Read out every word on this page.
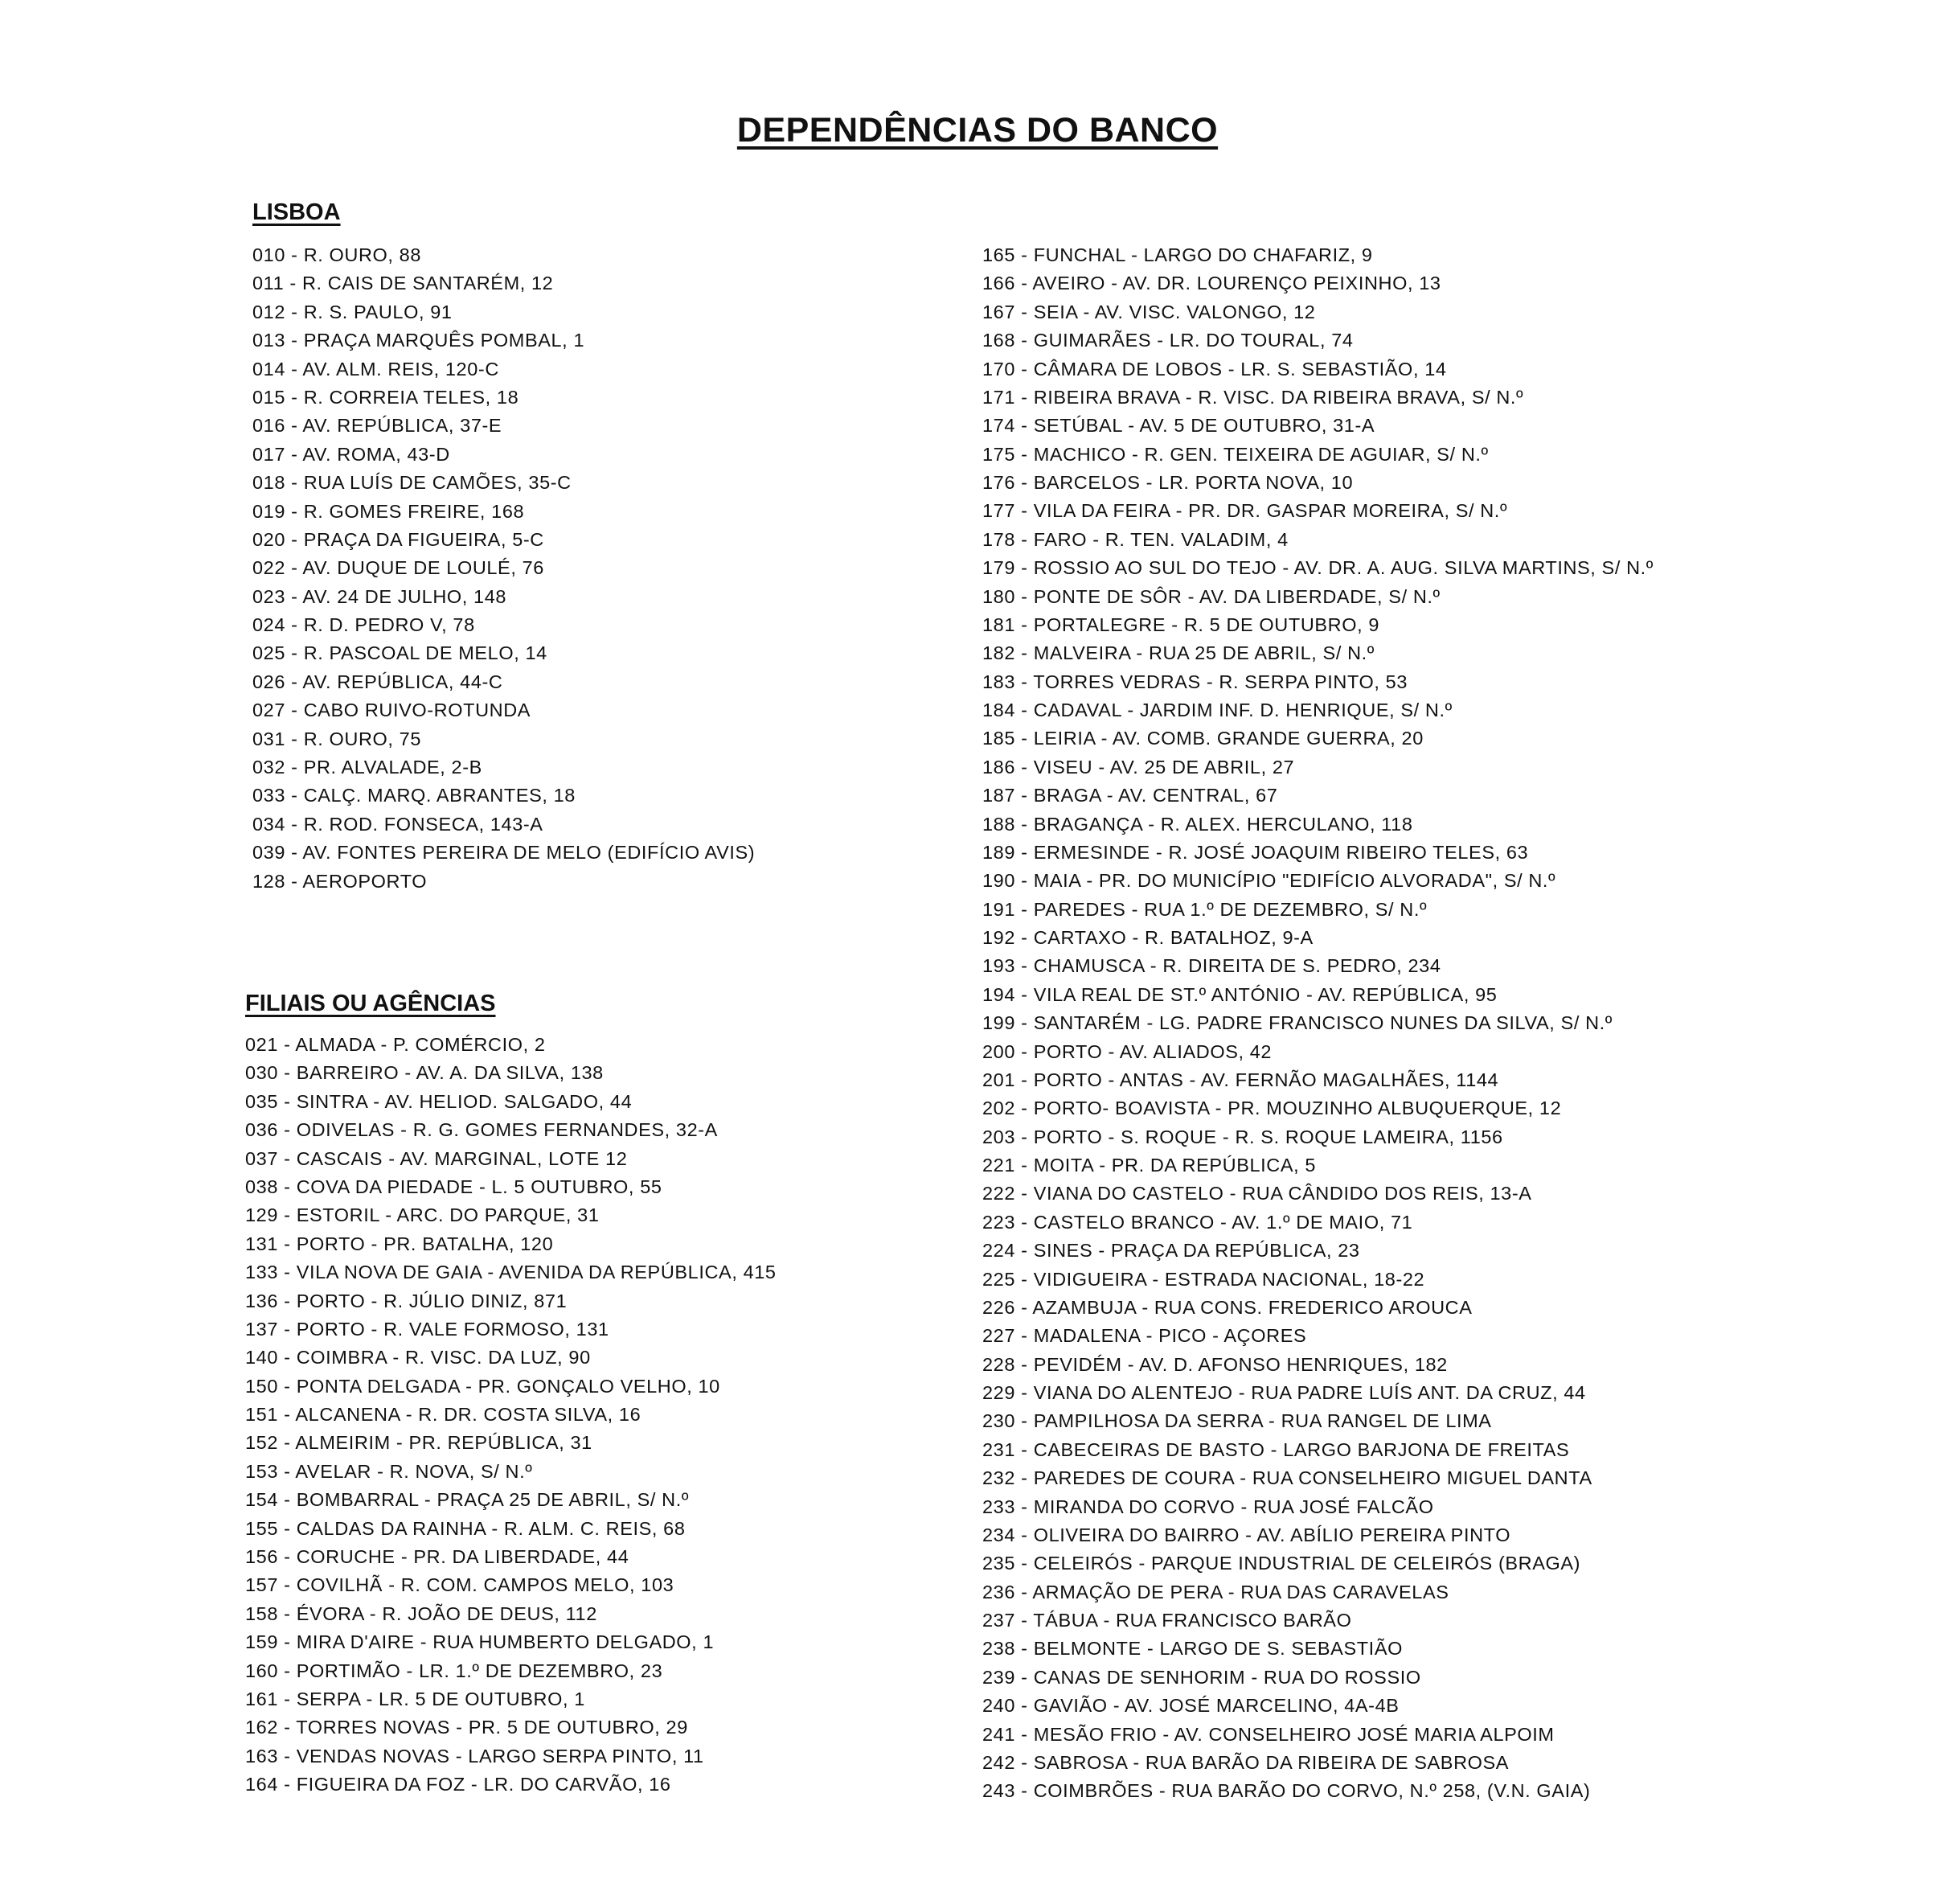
DEPENDÊNCIAS DO BANCO
LISBOA
010 - R. OURO, 88
011 - R. CAIS DE SANTARÉM, 12
012 - R. S. PAULO, 91
013 - PRAÇA MARQUÊS POMBAL, 1
014 - AV. ALM. REIS, 120-C
015 - R. CORREIA TELES, 18
016 - AV. REPÚBLICA, 37-E
017 - AV. ROMA, 43-D
018 - RUA LUÍS DE CAMÕES, 35-C
019 - R. GOMES FREIRE, 168
020 - PRAÇA DA FIGUEIRA, 5-C
022 - AV. DUQUE DE LOULÉ, 76
023 - AV. 24 DE JULHO, 148
024 - R. D. PEDRO V, 78
025 - R. PASCOAL DE MELO, 14
026 - AV. REPÚBLICA, 44-C
027 - CABO RUIVO-ROTUNDA
031 - R. OURO, 75
032 - PR. ALVALADE, 2-B
033 - CALÇ. MARQ. ABRANTES, 18
034 - R. ROD. FONSECA, 143-A
039 - AV. FONTES PEREIRA DE MELO (EDIFÍCIO AVIS)
128 - AEROPORTO
FILIAIS OU AGÊNCIAS
021 - ALMADA - P. COMÉRCIO, 2
030 - BARREIRO - AV. A. DA SILVA, 138
035 - SINTRA - AV. HELIOD. SALGADO, 44
036 - ODIVELAS - R. G. GOMES FERNANDES, 32-A
037 - CASCAIS - AV. MARGINAL, LOTE 12
038 - COVA DA PIEDADE - L. 5 OUTUBRO, 55
129 - ESTORIL - ARC. DO PARQUE, 31
131 - PORTO - PR. BATALHA, 120
133 - VILA NOVA DE GAIA - AVENIDA DA REPÚBLICA, 415
136 - PORTO - R. JÚLIO DINIZ, 871
137 - PORTO - R. VALE FORMOSO, 131
140 - COIMBRA - R. VISC. DA LUZ, 90
150 - PONTA DELGADA - PR. GONÇALO VELHO, 10
151 - ALCANENA - R. DR. COSTA SILVA, 16
152 - ALMEIRIM - PR. REPÚBLICA, 31
153 - AVELAR - R. NOVA, S/ N.º
154 - BOMBARRAL - PRAÇA 25 DE ABRIL, S/ N.º
155 - CALDAS DA RAINHA - R. ALM. C. REIS, 68
156 - CORUCHE - PR. DA LIBERDADE, 44
157 - COVILHÃ - R. COM. CAMPOS MELO, 103
158 - ÉVORA - R. JOÃO DE DEUS, 112
159 - MIRA D'AIRE - RUA HUMBERTO DELGADO, 1
160 - PORTIMÃO - LR. 1.º DE DEZEMBRO, 23
161 - SERPA - LR. 5 DE OUTUBRO, 1
162 - TORRES NOVAS - PR. 5 DE OUTUBRO, 29
163 - VENDAS NOVAS - LARGO SERPA PINTO, 11
164 - FIGUEIRA DA FOZ - LR. DO CARVÃO, 16
165 - FUNCHAL - LARGO DO CHAFARIZ, 9
166 - AVEIRO - AV. DR. LOURENÇO PEIXINHO, 13
167 - SEIA - AV. VISC. VALONGO, 12
168 - GUIMARÃES - LR. DO TOURAL, 74
170 - CÂMARA DE LOBOS - LR. S. SEBASTIÃO, 14
171 - RIBEIRA BRAVA - R. VISC. DA RIBEIRA BRAVA, S/ N.º
174 - SETÚBAL - AV. 5 DE OUTUBRO, 31-A
175 - MACHICO - R. GEN. TEIXEIRA DE AGUIAR, S/ N.º
176 - BARCELOS - LR. PORTA NOVA, 10
177 - VILA DA FEIRA - PR. DR. GASPAR MOREIRA, S/ N.º
178 - FARO - R. TEN. VALADIM, 4
179 - ROSSIO AO SUL DO TEJO - AV. DR. A. AUG. SILVA MARTINS, S/ N.º
180 - PONTE DE SÔR - AV. DA LIBERDADE, S/ N.º
181 - PORTALEGRE - R. 5 DE OUTUBRO, 9
182 - MALVEIRA - RUA 25 DE ABRIL, S/ N.º
183 - TORRES VEDRAS - R. SERPA PINTO, 53
184 - CADAVAL - JARDIM INF. D. HENRIQUE, S/ N.º
185 - LEIRIA - AV. COMB. GRANDE GUERRA, 20
186 - VISEU - AV. 25 DE ABRIL, 27
187 - BRAGA - AV. CENTRAL, 67
188 - BRAGANÇA - R. ALEX. HERCULANO, 118
189 - ERMESINDE - R. JOSÉ JOAQUIM RIBEIRO TELES, 63
190 - MAIA - PR. DO MUNICÍPIO "EDIFÍCIO ALVORADA", S/ N.º
191 - PAREDES - RUA 1.º DE DEZEMBRO, S/ N.º
192 - CARTAXO - R. BATALHOZ, 9-A
193 - CHAMUSCA - R. DIREITA DE S. PEDRO, 234
194 - VILA REAL DE ST.º ANTÓNIO - AV. REPÚBLICA, 95
199 - SANTARÉM - LG. PADRE FRANCISCO NUNES DA SILVA, S/ N.º
200 - PORTO - AV. ALIADOS, 42
201 - PORTO - ANTAS - AV. FERNÃO MAGALHÃES, 1144
202 - PORTO- BOAVISTA - PR. MOUZINHO ALBUQUERQUE, 12
203 - PORTO - S. ROQUE - R. S. ROQUE LAMEIRA, 1156
221 - MOITA - PR. DA REPÚBLICA, 5
222 - VIANA DO CASTELO - RUA CÂNDIDO DOS REIS, 13-A
223 - CASTELO BRANCO - AV. 1.º DE MAIO, 71
224 - SINES - PRAÇA DA REPÚBLICA, 23
225 - VIDIGUEIRA - ESTRADA NACIONAL, 18-22
226 - AZAMBUJA - RUA CONS. FREDERICO AROUCA
227 - MADALENA - PICO - AÇORES
228 - PEVIDÉM - AV. D. AFONSO HENRIQUES, 182
229 - VIANA DO ALENTEJO - RUA PADRE LUÍS ANT. DA CRUZ, 44
230 - PAMPILHOSA DA SERRA - RUA RANGEL DE LIMA
231 - CABECEIRAS DE BASTO - LARGO BARJONA DE FREITAS
232 - PAREDES DE COURA - RUA CONSELHEIRO MIGUEL DANTA
233 - MIRANDA DO CORVO - RUA JOSÉ FALCÃO
234 - OLIVEIRA DO BAIRRO - AV. ABÍLIO PEREIRA PINTO
235 - CELEIRÓS - PARQUE INDUSTRIAL DE CELEIRÓS (BRAGA)
236 - ARMAÇÃO DE PERA - RUA DAS CARAVELAS
237 - TÁBUA - RUA FRANCISCO BARÃO
238 - BELMONTE - LARGO DE S. SEBASTIÃO
239 - CANAS DE SENHORIM - RUA DO ROSSIO
240 - GAVIÃO - AV. JOSÉ MARCELINO, 4A-4B
241 - MESÃO FRIO - AV. CONSELHEIRO JOSÉ MARIA ALPOIM
242 - SABROSA - RUA BARÃO DA RIBEIRA DE SABROSA
243 - COIMBRÕES - RUA BARÃO DO CORVO, N.º 258, (V.N. GAIA)
